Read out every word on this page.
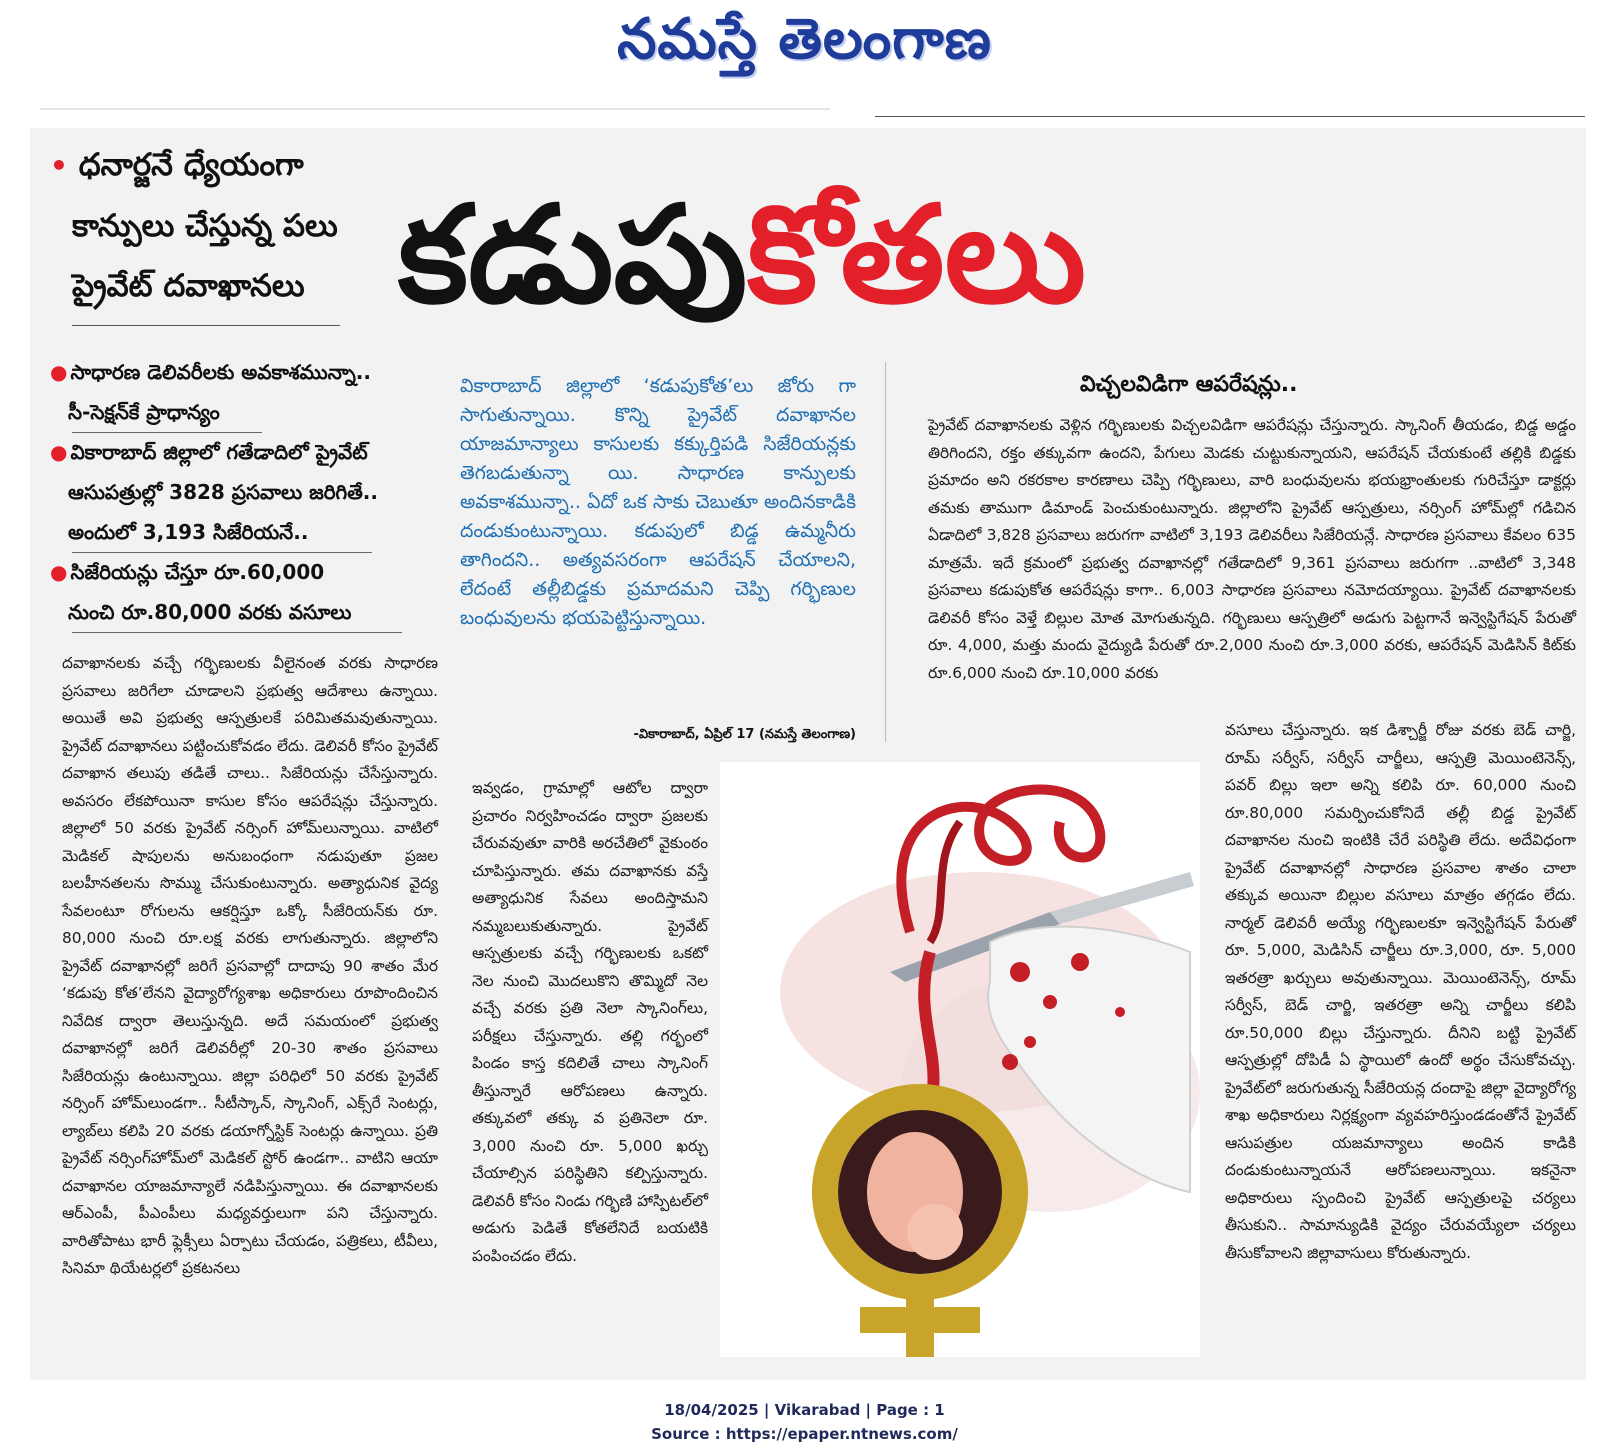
నమస్తే తెలంగాణ
• ధనార్జనే ధ్యేయంగా
కాన్పులు చేస్తున్న పలు
ప్రైవేట్ దవాఖానలు కడుపుకోతలు
● సాధారణ డెలివరీలకు అవకాశమున్నా..
సీ-సెక్షన్‌కే ప్రాధాన్యం
● వికారాబాద్ జిల్లాలో గతేడాదిలో ప్రైవేట్
ఆసుపత్రుల్లో 3828 ప్రసవాలు జరిగితే..
అందులో 3,193 సిజేరియనే..
● సిజేరియన్లు చేస్తూ రూ.60,000
నుంచి రూ.80,000 వరకు వసూలు
వికారాబాద్ జిల్లాలో ‘కడుపుకోత’లు జోరు గా సాగుతున్నాయి. కొన్ని ప్రైవేట్ దవాఖానల యాజమాన్యాలు కాసులకు కక్కుర్తిపడి సిజేరియన్లకు తెగబడుతున్నా యి. సాధారణ కాన్పులకు అవకాశమున్నా.. ఏదో ఒక సాకు చెబుతూ అందినకాడికి దండుకుంటున్నాయి. కడుపులో బిడ్డ ఉమ్మనీరు తాగిందని.. అత్యవసరంగా ఆపరేషన్ చేయాలని, లేదంటే తల్లీబిడ్డకు ప్రమాదమని చెప్పి గర్భిణుల బంధువులను భయపెట్టిస్తున్నాయి.
-వికారాబాద్, ఏప్రిల్ 17 (నమస్తే తెలంగాణ)
విచ్చలవిడిగా ఆపరేషన్లు..
దవాఖానలకు వచ్చే గర్భిణులకు వీలైనంత వరకు సాధారణ ప్రసవాలు జరిగేలా చూడాలని ప్రభుత్వ ఆదేశాలు ఉన్నాయి. అయితే అవి ప్రభుత్వ ఆస్పత్రులకే పరిమితమవుతున్నాయి. ప్రైవేట్ దవాఖానలు పట్టించుకోవడం లేదు. డెలివరీ కోసం ప్రైవేట్ దవాఖాన తలుపు తడితే చాలు.. సిజేరియన్లు చేసేస్తున్నారు. అవసరం లేకపోయినా కాసుల కోసం ఆపరేషన్లు చేస్తున్నారు. జిల్లాలో 50 వరకు ప్రైవేట్ నర్సింగ్ హోమ్‌లున్నాయి. వాటిలో మెడికల్ షాపులను అనుబంధంగా నడుపుతూ ప్రజల బలహీనతలను సొమ్ము చేసుకుంటున్నారు. అత్యాధునిక వైద్య సేవలంటూ రోగులను ఆకర్షిస్తూ ఒక్కో సీజేరియన్‌కు రూ. 80,000 నుంచి రూ.లక్ష వరకు లాగుతున్నారు. జిల్లాలోని ప్రైవేట్ దవాఖానల్లో జరిగే ప్రసవాల్లో దాదాపు 90 శాతం మేర ‘కడుపు కోత’లేనని వైద్యారోగ్యశాఖ అధికారులు రూపొందించిన నివేదిక ద్వారా తెలుస్తున్నది. అదే సమయంలో ప్రభుత్వ దవాఖానల్లో జరిగే డెలివరీల్లో 20-30 శాతం ప్రసవాలు సిజేరియన్లు ఉంటున్నాయి. జిల్లా పరిధిలో 50 వరకు ప్రైవేట్ నర్సింగ్ హోమ్‌లుండగా.. సీటీస్కాన్, స్కానింగ్, ఎక్స్‌రే సెంటర్లు, ల్యాబ్‌లు కలిపి 20 వరకు డయాగ్నోస్టిక్ సెంటర్లు ఉన్నాయి. ప్రతి ప్రైవేట్ నర్సింగ్‌హోమ్‌లో మెడికల్ స్టోర్ ఉండగా.. వాటిని ఆయా దవాఖానల యాజమాన్యాలే నడిపిస్తున్నాయి. ఈ దవాఖానలకు ఆర్‌ఎంపీ, పీఎంపీలు మధ్యవర్తులుగా పని చేస్తున్నారు. వారితోపాటు భారీ ఫ్లెక్సీలు ఏర్పాటు చేయడం, పత్రికలు, టీవీలు, సినిమా థియేటర్లలో ప్రకటనలు
ఇవ్వడం, గ్రామాల్లో ఆటోల ద్వారా ప్రచారం నిర్వహించడం ద్వారా ప్రజలకు చేరువవుతూ వారికి అరచేతిలో వైకుంఠం చూపిస్తున్నారు. తమ దవాఖానకు వస్తే అత్యాధునిక సేవలు అందిస్తామని నమ్మబలుకుతున్నారు. ప్రైవేట్ ఆస్పత్రులకు వచ్చే గర్భిణులకు ఒకటో నెల నుంచి మొదలుకొని తొమ్మిదో నెల వచ్చే వరకు ప్రతి నెలా స్కానింగ్‌లు, పరీక్షలు చేస్తున్నారు. తల్లి గర్భంలో పిండం కాస్త కదిలితే చాలు స్కానింగ్ తీస్తున్నారే ఆరోపణలు ఉన్నారు. తక్కువలో తక్కు వ ప్రతినెలా రూ. 3,000 నుంచి రూ. 5,000 ఖర్చు చేయాల్సిన పరిస్థితిని కల్పిస్తున్నారు. డెలివరీ కోసం నిండు గర్భిణి హాస్పిటల్‌లో అడుగు పెడితే కోతలేనిదే బయటికి పంపించడం లేదు.
ప్రైవేట్ దవాఖానలకు వెళ్లిన గర్భిణులకు విచ్చలవిడిగా ఆపరేషన్లు చేస్తున్నారు. స్కానింగ్ తీయడం, బిడ్డ అడ్డం తిరిగిందని, రక్తం తక్కువగా ఉందని, పేగులు మెడకు చుట్టుకున్నాయని, ఆపరేషన్ చేయకుంటే తల్లికి బిడ్డకు ప్రమాదం అని రకరకాల కారణాలు చెప్పి గర్భిణులు, వారి బంధువులను భయభ్రాంతులకు గురిచేస్తూ డాక్టర్లు తమకు తాముగా డిమాండ్ పెంచుకుంటున్నారు. జిల్లాలోని ప్రైవేట్ ఆస్పత్రులు, నర్సింగ్ హోమ్‌ల్లో గడిచిన ఏడాదిలో 3,828 ప్రసవాలు జరుగగా వాటిలో 3,193 డెలివరీలు సిజేరియన్లే. సాధారణ ప్రసవాలు కేవలం 635 మాత్రమే. ఇదే క్రమంలో ప్రభుత్వ దవాఖానల్లో గతేడాదిలో 9,361 ప్రసవాలు జరుగగా ..వాటిలో 3,348 ప్రసవాలు కడుపుకోత ఆపరేషన్లు కాగా.. 6,003 సాధారణ ప్రసవాలు నమోదయ్యాయి. ప్రైవేట్ దవాఖానలకు డెలివరీ కోసం వెళ్తే బిల్లుల మోత మోగుతున్నది. గర్భిణులు ఆస్పత్రిలో అడుగు పెట్టగానే ఇన్వెస్టిగేషన్ పేరుతో రూ. 4,000, మత్తు మందు వైద్యుడి పేరుతో రూ.2,000 నుంచి రూ.3,000 వరకు, ఆపరేషన్ మెడిసిన్ కిట్‌కు రూ.6,000 నుంచి రూ.10,000 వరకు
వసూలు చేస్తున్నారు. ఇక డిశ్చార్జీ రోజు వరకు బెడ్ చార్జి, రూమ్ సర్వీస్, సర్వీస్ చార్జీలు, ఆస్పత్రి మెయింటెనెన్స్, పవర్ బిల్లు ఇలా అన్ని కలిపి రూ. 60,000 నుంచి రూ.80,000 సమర్పించుకోనిదే తల్లీ బిడ్డ ప్రైవేట్ దవాఖానల నుంచి ఇంటికి చేరే పరిస్థితి లేదు. అదేవిధంగా ప్రైవేట్ దవాఖానల్లో సాధారణ ప్రసవాల శాతం చాలా తక్కువ అయినా బిల్లుల వసూలు మాత్రం తగ్గడం లేదు. నార్మల్ డెలివరీ అయ్యే గర్భిణులకూ ఇన్వెస్టిగేషన్ పేరుతో రూ. 5,000, మెడిసిన్ చార్జీలు రూ.3,000, రూ. 5,000 ఇతరత్రా ఖర్చులు అవుతున్నాయి. మెయింటెనెన్స్, రూమ్ సర్వీస్, బెడ్ చార్జి, ఇతరత్రా అన్ని చార్జీలు కలిపి రూ.50,000 బిల్లు చేస్తున్నారు. దీనిని బట్టి ప్రైవేట్ ఆస్పత్రుల్లో దోపిడీ ఏ స్థాయిలో ఉందో అర్థం చేసుకోవచ్చు. ప్రైవేట్‌లో జరుగుతున్న సీజేరియన్ల దందాపై జిల్లా వైద్యారోగ్య శాఖ అధికారులు నిర్లక్ష్యంగా వ్యవహరిస్తుండడంతోనే ప్రైవేట్ ఆసుపత్రుల యజమాన్యాలు అందిన కాడికి దండుకుంటున్నాయనే ఆరోపణలున్నాయి. ఇకనైనా అధికారులు స్పందించి ప్రైవేట్ ఆస్పత్రులపై చర్యలు తీసుకుని.. సామాన్యుడికి వైద్యం చేరువయ్యేలా చర్యలు తీసుకోవాలని జిల్లావాసులు కోరుతున్నారు.
18/04/2025 | Vikarabad | Page : 1
Source : https://epaper.ntnews.com/
